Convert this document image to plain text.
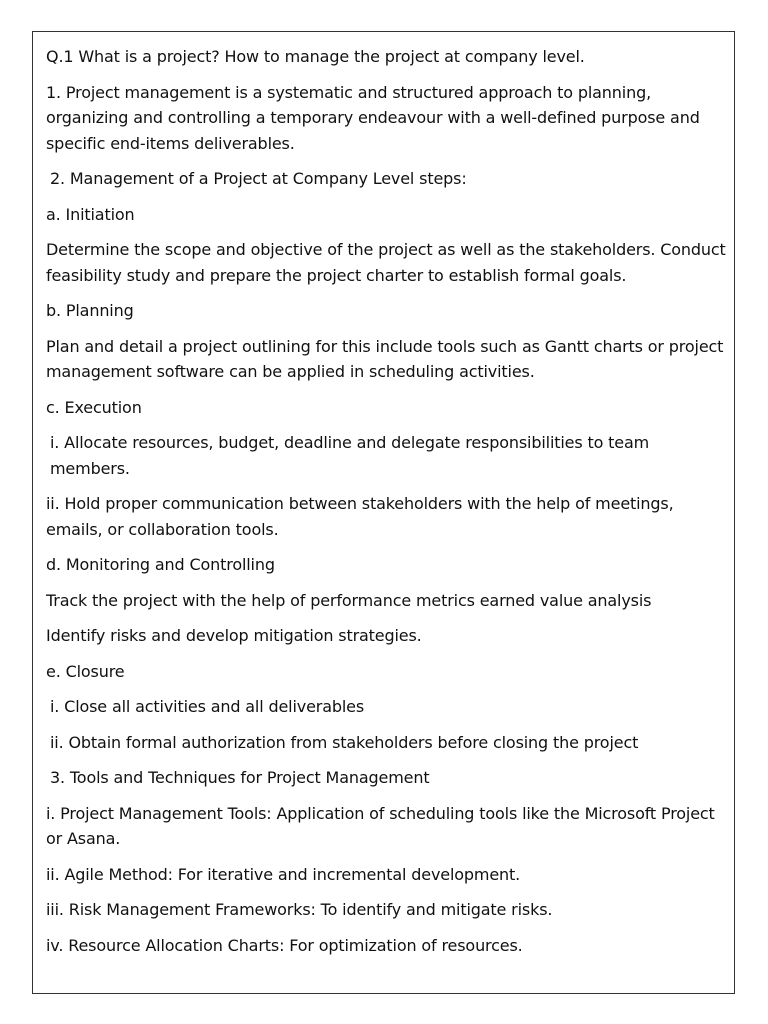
Q.1 What is a project? How to manage the project at company level.

1. Project management is a systematic and structured approach to planning, organizing and controlling a temporary endeavour with a well-defined purpose and specific end-items deliverables.

2. Management of a Project at Company Level steps:

a. Initiation

Determine the scope and objective of the project as well as the stakeholders. Conduct feasibility study and prepare the project charter to establish formal goals.

b. Planning

Plan and detail a project outlining for this include tools such as Gantt charts or project management software can be applied in scheduling activities.

c. Execution

i. Allocate resources, budget, deadline and delegate responsibilities to team members.

ii. Hold proper communication between stakeholders with the help of meetings, emails, or collaboration tools.

d. Monitoring and Controlling

Track the project with the help of performance metrics earned value analysis

Identify risks and develop mitigation strategies.

e. Closure

i. Close all activities and all deliverables

ii. Obtain formal authorization from stakeholders before closing the project

3. Tools and Techniques for Project Management

i. Project Management Tools: Application of scheduling tools like the Microsoft Project or Asana.

ii. Agile Method: For iterative and incremental development.

iii. Risk Management Frameworks: To identify and mitigate risks.

iv. Resource Allocation Charts: For optimization of resources.
